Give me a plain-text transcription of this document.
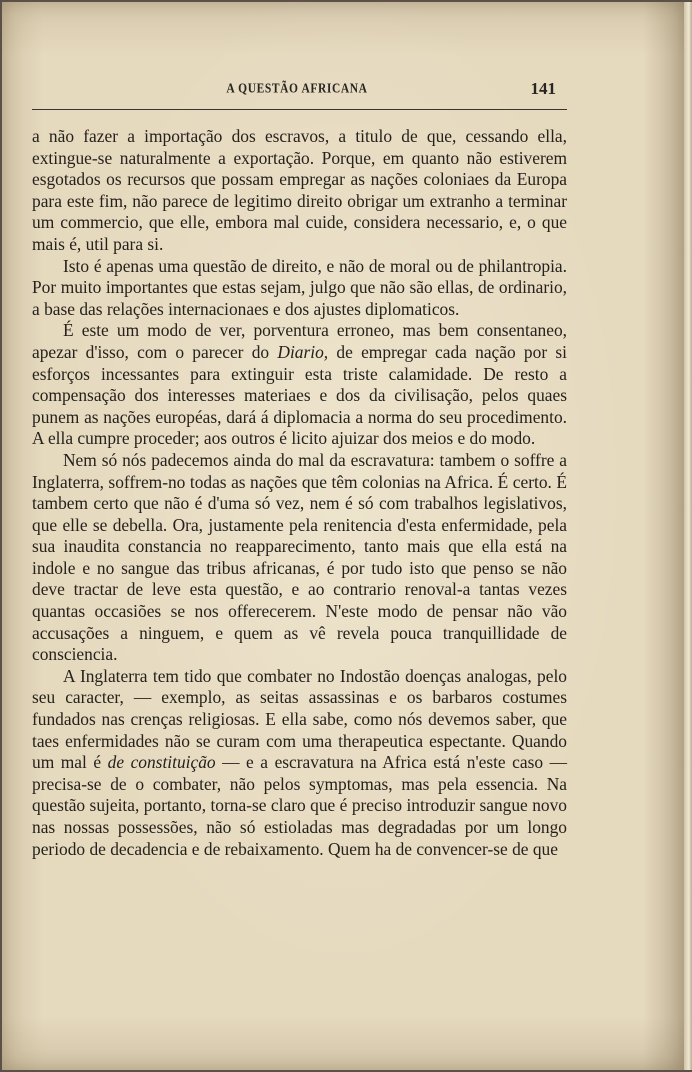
A QUESTÃO AFRICANA	141

a não fazer a importação dos escravos, a titulo de que, cessando ella, extingue-se naturalmente a exportação. Porque, em quanto não estiverem esgotados os recursos que possam empregar as nações coloniaes da Europa para este fim, não parece de legitimo direito obrigar um extranho a terminar um commercio, que elle, embora mal cuide, considera necessario, e, o que mais é, util para si.

Isto é apenas uma questão de direito, e não de moral ou de philantropia. Por muito importantes que estas sejam, julgo que não são ellas, de ordinario, a base das relações internacionaes e dos ajustes diplomaticos.

É este um modo de ver, porventura erroneo, mas bem consentaneo, apezar d'isso, com o parecer do Diario, de empregar cada nação por si esforços incessantes para extinguir esta triste calamidade. De resto a compensação dos interesses materiaes e dos da civilisação, pelos quaes punem as nações européas, dará á diplomacia a norma do seu procedimento. A ella cumpre proceder; aos outros é licito ajuizar dos meios e do modo.

Nem só nós padecemos ainda do mal da escravatura: tambem o soffre a Inglaterra, soffrem-no todas as nações que têm colonias na Africa. É certo. É tambem certo que não é d'uma só vez, nem é só com trabalhos legislativos, que elle se debella. Ora, justamente pela renitencia d'esta enfermidade, pela sua inaudita constancia no reapparecimento, tanto mais que ella está na indole e no sangue das tribus africanas, é por tudo isto que penso se não deve tractar de leve esta questão, e ao contrario renoval-a tantas vezes quantas occasiões se nos offerecerem. N'este modo de pensar não vão accusações a ninguem, e quem as vê revela pouca tranquillidade de consciencia.

A Inglaterra tem tido que combater no Indostão doenças analogas, pelo seu caracter, — exemplo, as seitas assassinas e os barbaros costumes fundados nas crenças religiosas. E ella sabe, como nós devemos saber, que taes enfermidades não se curam com uma therapeutica espectante. Quando um mal é de constituição — e a escravatura na Africa está n'este caso — precisa-se de o combater, não pelos symptomas, mas pela essencia. Na questão sujeita, portanto, torna-se claro que é preciso introduzir sangue novo nas nossas possessões, não só estioladas mas degradadas por um longo periodo de decadencia e de rebaixamento. Quem ha de convencer-se de que
